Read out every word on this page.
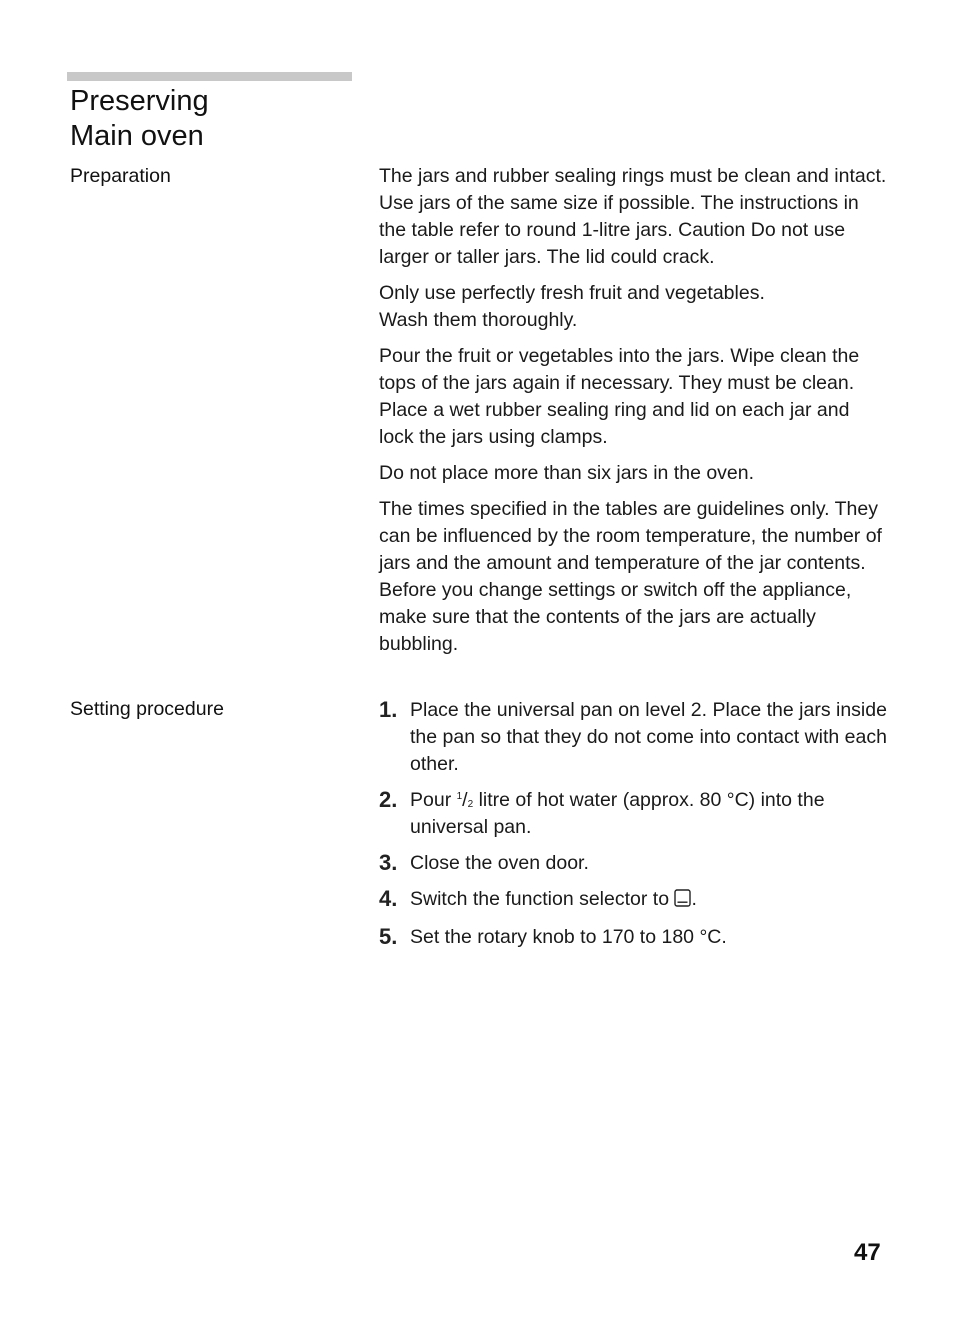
Preserving
Main oven
Preparation	The jars and rubber sealing rings must be clean and intact. Use jars of the same size if possible. The instructions in the table refer to round 1-litre jars. Caution Do not use larger or taller jars. The lid could crack.

Only use perfectly fresh fruit and vegetables.
Wash them thoroughly.

Pour the fruit or vegetables into the jars. Wipe clean the tops of the jars again if necessary. They must be clean. Place a wet rubber sealing ring and lid on each jar and lock the jars using clamps.

Do not place more than six jars in the oven.

The times specified in the tables are guidelines only. They can be influenced by the room temperature, the number of jars and the amount and temperature of the jar contents. Before you change settings or switch off the appliance, make sure that the contents of the jars are actually bubbling.

Setting procedure	1. Place the universal pan on level 2. Place the jars inside the pan so that they do not come into contact with each other.
2. Pour $^1/_2$ litre of hot water (approx. 80 °C) into the universal pan.
3. Close the oven door.
4. Switch the function selector to .
5. Set the rotary knob to 170 to 180 °C.
47
